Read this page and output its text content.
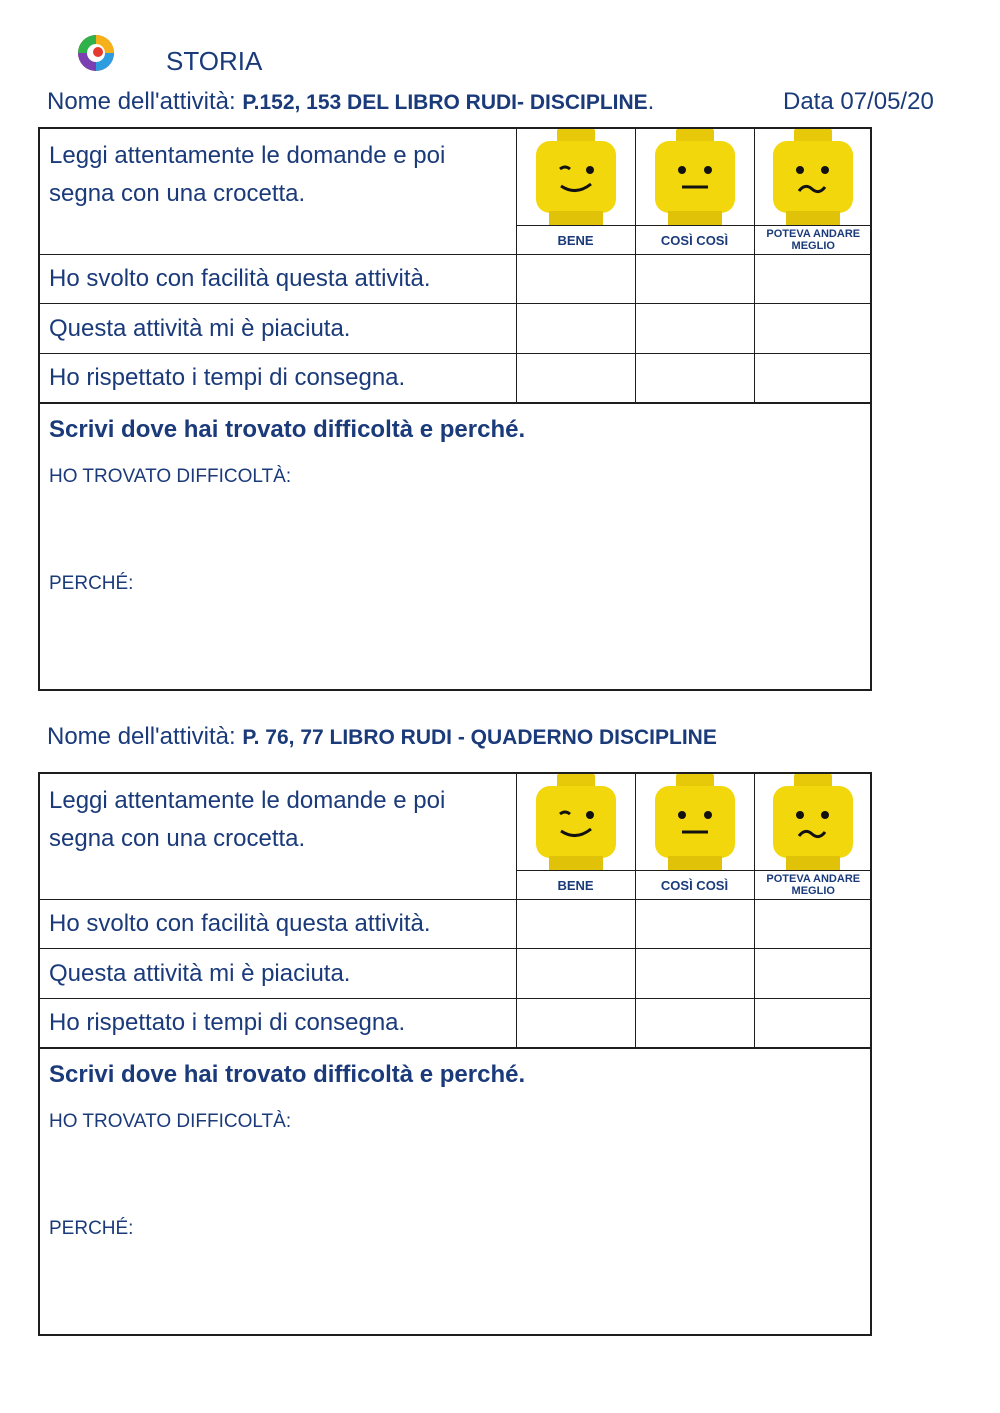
STORIA
Nome dell'attività: P.152, 153 DEL LIBRO RUDI- DISCIPLINE.	Data 07/05/20
Leggi attentamente le domande e poi segna con una crocetta.	BENE	COSÌ COSÌ	POTEVA ANDARE MEGLIO

Ho svolto con facilità questa attività.			
Questa attività mi è piaciuta.			
Ho rispettato i tempi di consegna.			
Scrivi dove hai trovato difficoltà e perché.
HO TROVATO DIFFICOLTÀ:
PERCHÉ:
Nome dell'attività: P. 76, 77 LIBRO RUDI - QUADERNO DISCIPLINE
Leggi attentamente le domande e poi segna con una crocetta.	BENE	COSÌ COSÌ	POTEVA ANDARE MEGLIO

Ho svolto con facilità questa attività.			
Questa attività mi è piaciuta.			
Ho rispettato i tempi di consegna.			
Scrivi dove hai trovato difficoltà e perché.
HO TROVATO DIFFICOLTÀ:
PERCHÉ:
